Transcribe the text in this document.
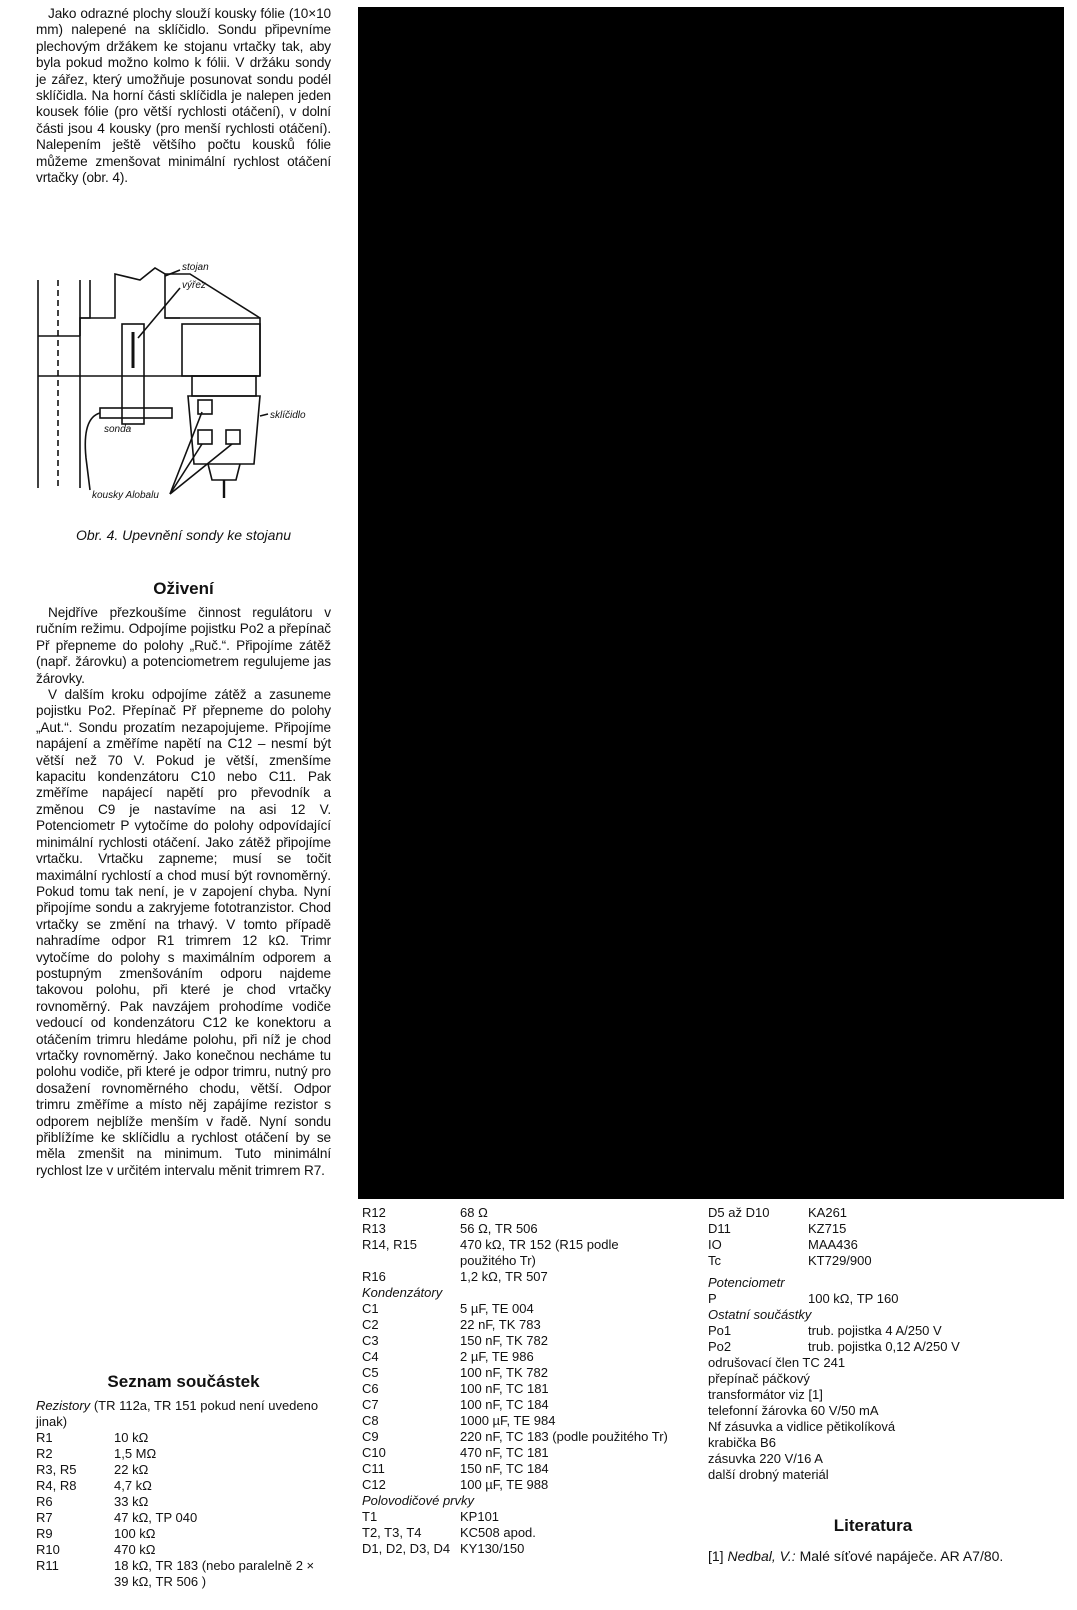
Jako odrazné plochy slouží kousky fólie (10×10 mm) nalepené na sklíčidlo. Sondu připevníme plechovým držákem ke stojanu vrtačky tak, aby byla pokud možno kolmo k fólii. V držáku sondy je zářez, který umožňuje posunovat sondu podél sklíčidla. Na horní části sklíčidla je nalepen jeden kousek fólie (pro větší rychlosti otáčení), v dolní části jsou 4 kousky (pro menší rychlosti otáčení). Nalepením ještě většího počtu kousků fólie můžeme zmenšovat minimální rychlost otáčení vrtačky (obr. 4).

stojan
výřez
sklíčidlo
sonda
kousky Alobalu
Obr. 4. Upevnění sondy ke stojanu
Oživení

Nejdříve přezkoušíme činnost regulátoru v ručním režimu. Odpojíme pojistku Po2 a přepínač Př přepneme do polohy „Ruč.“. Připojíme zátěž (např. žárovku) a potenciometrem regulujeme jas žárovky.

V dalším kroku odpojíme zátěž a zasuneme pojistku Po2. Přepínač Př přepneme do polohy „Aut.“. Sondu prozatím nezapojujeme. Připojíme napájení a změříme napětí na C12 – nesmí být větší než 70 V. Pokud je větší, zmenšíme kapacitu kondenzátoru C10 nebo C11. Pak změříme napájecí napětí pro převodník a změnou C9 je nastavíme na asi 12 V. Potenciometr P vytočíme do polohy odpovídající minimální rychlosti otáčení. Jako zátěž připojíme vrtačku. Vrtačku zapneme; musí se točit maximální rychlostí a chod musí být rovnoměrný. Pokud tomu tak není, je v zapojení chyba. Nyní připojíme sondu a zakryjeme fototranzistor. Chod vrtačky se změní na trhavý. V tomto případě nahradíme odpor R1 trimrem 12 kΩ. Trimr vytočíme do polohy s maximálním odporem a postupným zmenšováním odporu najdeme takovou polohu, při které je chod vrtačky rovnoměrný. Pak navzájem prohodíme vodiče vedoucí od kondenzátoru C12 ke konektoru a otáčením trimru hledáme polohu, při níž je chod vrtačky rovnoměrný. Jako konečnou necháme tu polohu vodiče, při které je odpor trimru, nutný pro dosažení rovnoměrného chodu, větší. Odpor trimru změříme a místo něj zapájíme rezistor s odporem nejblíže menším v řadě. Nyní sondu přiblížíme ke sklíčidlu a rychlost otáčení by se měla zmenšit na minimum. Tuto minimální rychlost lze v určitém intervalu měnit trimrem R7.

Seznam součástek
Rezistory (TR 112a, TR 151 pokud není uvedeno jinak)
R1	10 kΩ
R2	1,5 MΩ
R3, R5	22 kΩ
R4, R8	4,7 kΩ
R6	33 kΩ
R7	47 kΩ, TP 040
R9	100 kΩ
R10	470 kΩ
R11	18 kΩ, TR 183 (nebo paralelně 2 × 39 kΩ, TR 506 )
R12	68 Ω
R13	56 Ω, TR 506
R14, R15	470 kΩ, TR 152 (R15 podle použitého Tr)
R16	1,2 kΩ, TR 507
Kondenzátory
C1	5 µF, TE 004
C2	22 nF, TK 783
C3	150 nF, TK 782
C4	2 µF, TE 986
C5	100 nF, TK 782
C6	100 nF, TC 181
C7	100 nF, TC 184
C8	1000 µF, TE 984
C9	220 nF, TC 183 (podle použitého Tr)
C10	470 nF, TC 181
C11	150 nF, TC 184
C12	100 µF, TE 988
Polovodičové prvky
T1	KP101
T2, T3, T4	KC508 apod.
D1, D2, D3, D4 KY130/150
D5 až D10	KA261
D11	KZ715
IO	MAA436
Tc	KT729/900
Potenciometr
P	100 kΩ, TP 160
Ostatní součástky
Po1	trub. pojistka 4 A/250 V
Po2	trub. pojistka 0,12 A/250 V
odrušovací člen TC 241
přepínač páčkový
transformátor viz [1]
telefonní žárovka 60 V/50 mA
Nf zásuvka a vidlice pětikolíková
krabička B6
zásuvka 220 V/16 A
další drobný materiál
Literatura
[1] Nedbal, V.: Malé síťové napáječe. AR A7/80.
